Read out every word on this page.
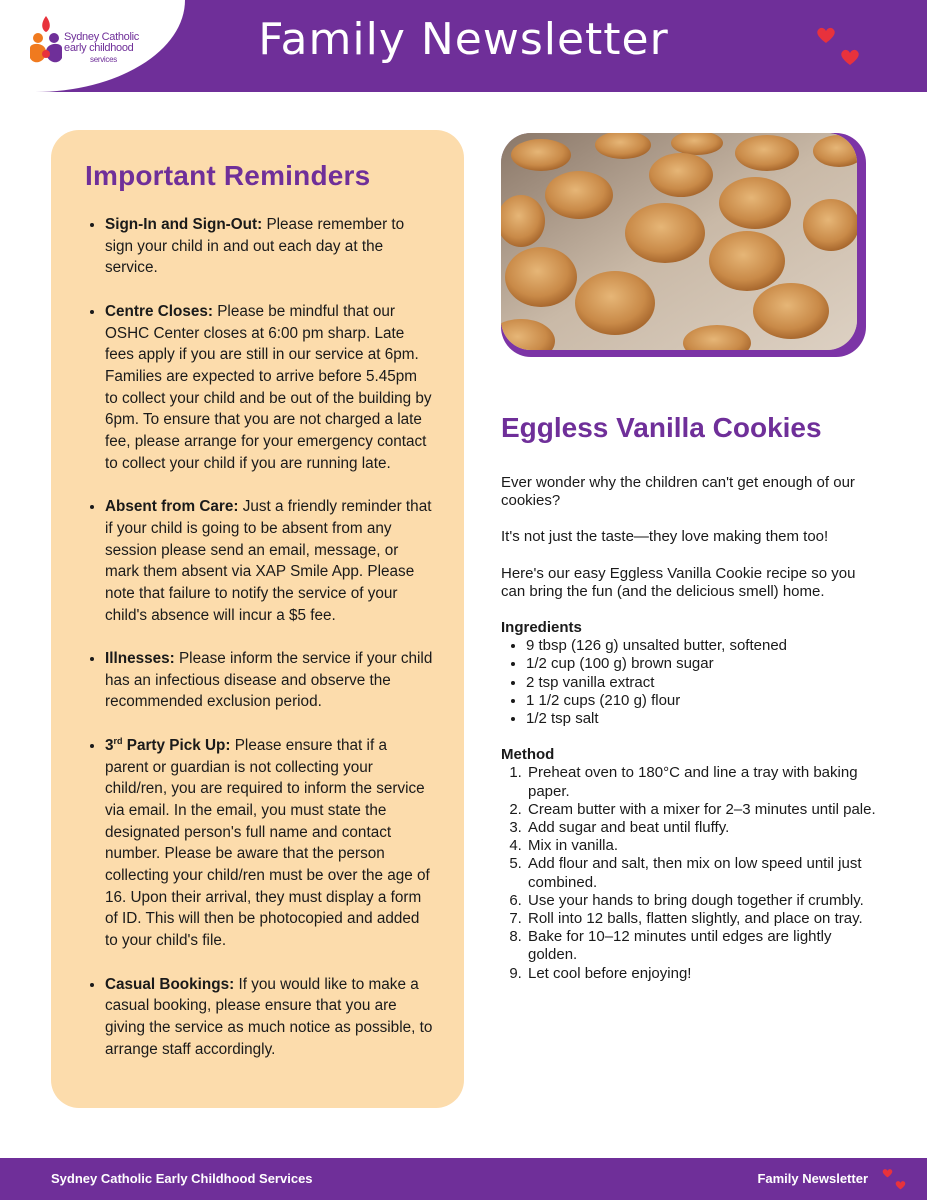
Sydney Catholic
early childhood
services	Family Newsletter
Important Reminders
• Sign-In and Sign-Out: Please remember to sign your child in and out each day at the service.
• Centre Closes: Please be mindful that our OSHC Center closes at 6:00 pm sharp. Late fees apply if you are still in our service at 6pm. Families are expected to arrive before 5.45pm to collect your child and be out of the building by 6pm. To ensure that you are not charged a late fee, please arrange for your emergency contact to collect your child if you are running late.
• Absent from Care: Just a friendly reminder that if your child is going to be absent from any session please send an email, message, or mark them absent via XAP Smile App. Please note that failure to notify the service of your child's absence will incur a $5 fee.
• Illnesses: Please inform the service if your child has an infectious disease and observe the recommended exclusion period.
• 3rd Party Pick Up: Please ensure that if a parent or guardian is not collecting your child/ren, you are required to inform the service via email. In the email, you must state the designated person's full name and contact number. Please be aware that the person collecting your child/ren must be over the age of 16. Upon their arrival, they must display a form of ID. This will then be photocopied and added to your child's file.
• Casual Bookings: If you would like to make a casual booking, please ensure that you are giving the service as much notice as possible, to arrange staff accordingly.
Eggless Vanilla Cookies

Ever wonder why the children can't get enough of our cookies?

It's not just the taste—they love making them too!

Here's our easy Eggless Vanilla Cookie recipe so you can bring the fun (and the delicious smell) home.

Ingredients
• 9 tbsp (126 g) unsalted butter, softened
• 1/2 cup (100 g) brown sugar
• 2 tsp vanilla extract
• 1 1/2 cups (210 g) flour
• 1/2 tsp salt
Method
1. Preheat oven to 180°C and line a tray with baking paper.
2. Cream butter with a mixer for 2–3 minutes until pale.
3. Add sugar and beat until fluffy.
4. Mix in vanilla.
5. Add flour and salt, then mix on low speed until just combined.
6. Use your hands to bring dough together if crumbly.
7. Roll into 12 balls, flatten slightly, and place on tray.
8. Bake for 10–12 minutes until edges are lightly golden.
9. Let cool before enjoying!
Sydney Catholic Early Childhood Services	Family Newsletter
